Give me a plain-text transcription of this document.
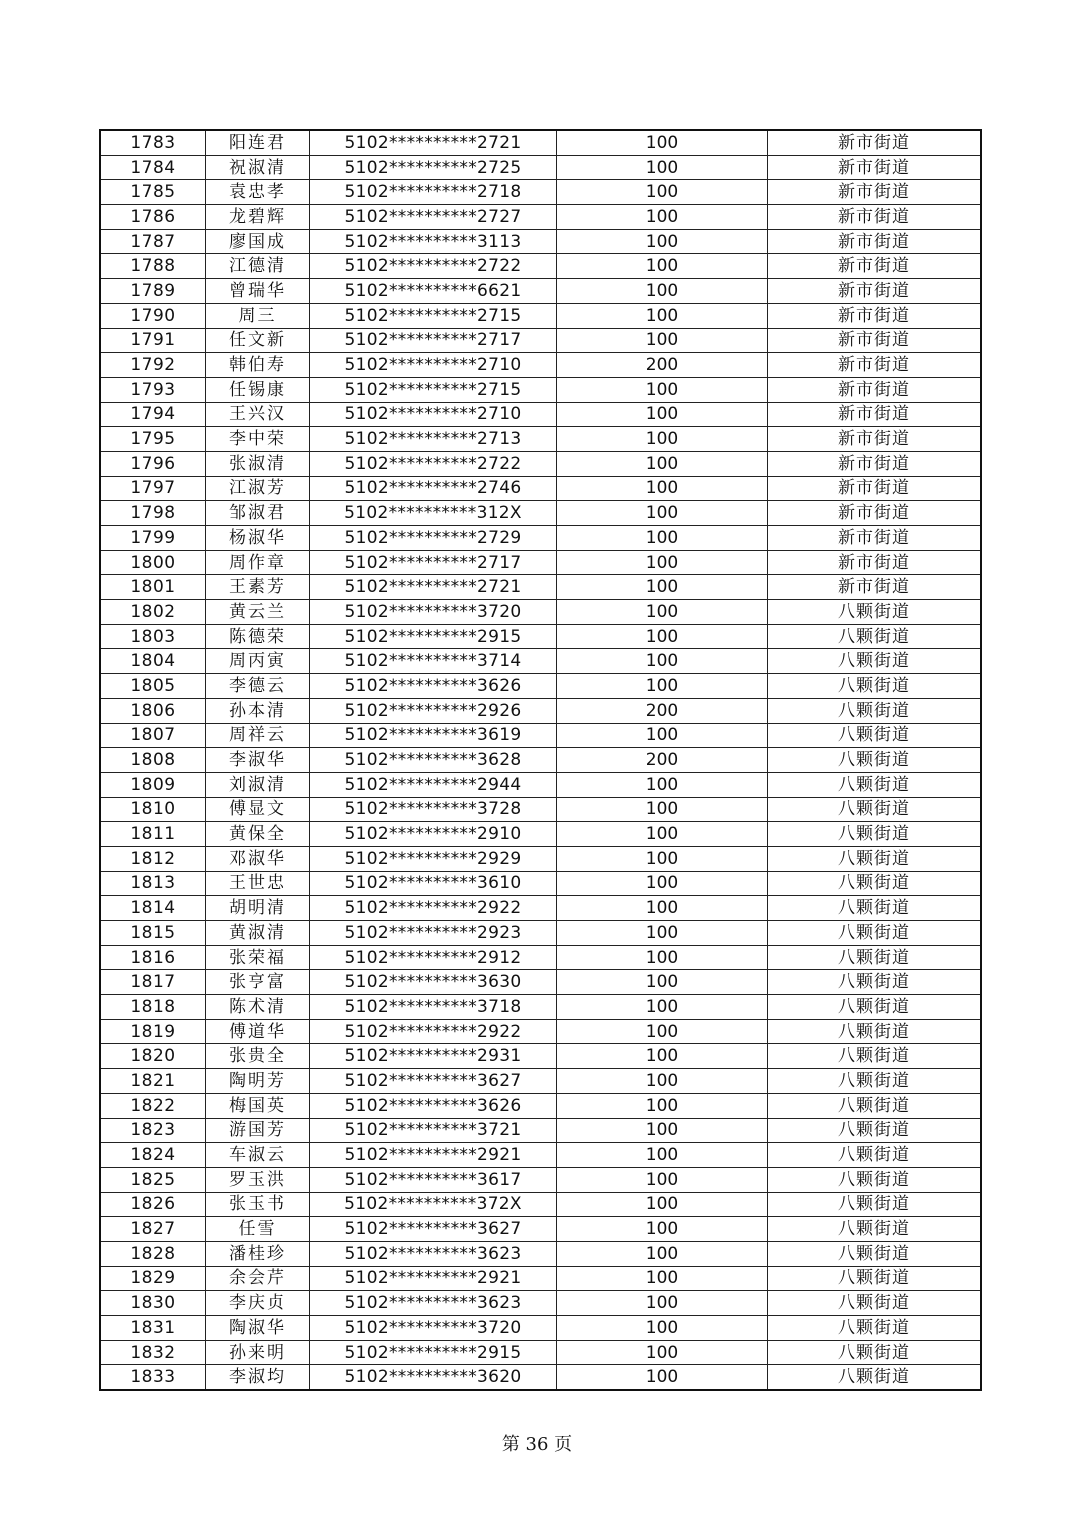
1783	阳连君	5102**********2721	100	新市街道
1784	祝淑清	5102**********2725	100	新市街道
1785	袁忠孝	5102**********2718	100	新市街道
1786	龙碧辉	5102**********2727	100	新市街道
1787	廖国成	5102**********3113	100	新市街道
1788	江德清	5102**********2722	100	新市街道
1789	曾瑞华	5102**********6621	100	新市街道
1790	周三	5102**********2715	100	新市街道
1791	任文新	5102**********2717	100	新市街道
1792	韩伯寿	5102**********2710	200	新市街道
1793	任锡康	5102**********2715	100	新市街道
1794	王兴汉	5102**********2710	100	新市街道
1795	李中荣	5102**********2713	100	新市街道
1796	张淑清	5102**********2722	100	新市街道
1797	江淑芳	5102**********2746	100	新市街道
1798	邹淑君	5102**********312X	100	新市街道
1799	杨淑华	5102**********2729	100	新市街道
1800	周作章	5102**********2717	100	新市街道
1801	王素芳	5102**********2721	100	新市街道
1802	黄云兰	5102**********3720	100	八颗街道
1803	陈德荣	5102**********2915	100	八颗街道
1804	周丙寅	5102**********3714	100	八颗街道
1805	李德云	5102**********3626	100	八颗街道
1806	孙本清	5102**********2926	200	八颗街道
1807	周祥云	5102**********3619	100	八颗街道
1808	李淑华	5102**********3628	200	八颗街道
1809	刘淑清	5102**********2944	100	八颗街道
1810	傅显文	5102**********3728	100	八颗街道
1811	黄保全	5102**********2910	100	八颗街道
1812	邓淑华	5102**********2929	100	八颗街道
1813	王世忠	5102**********3610	100	八颗街道
1814	胡明清	5102**********2922	100	八颗街道
1815	黄淑清	5102**********2923	100	八颗街道
1816	张荣福	5102**********2912	100	八颗街道
1817	张亨富	5102**********3630	100	八颗街道
1818	陈术清	5102**********3718	100	八颗街道
1819	傅道华	5102**********2922	100	八颗街道
1820	张贵全	5102**********2931	100	八颗街道
1821	陶明芳	5102**********3627	100	八颗街道
1822	梅国英	5102**********3626	100	八颗街道
1823	游国芳	5102**********3721	100	八颗街道
1824	车淑云	5102**********2921	100	八颗街道
1825	罗玉洪	5102**********3617	100	八颗街道
1826	张玉书	5102**********372X	100	八颗街道
1827	任雪	5102**********3627	100	八颗街道
1828	潘桂珍	5102**********3623	100	八颗街道
1829	余会芹	5102**********2921	100	八颗街道
1830	李庆贞	5102**********3623	100	八颗街道
1831	陶淑华	5102**********3720	100	八颗街道
1832	孙来明	5102**********2915	100	八颗街道
1833	李淑均	5102**********3620	100	八颗街道
第 36 页
